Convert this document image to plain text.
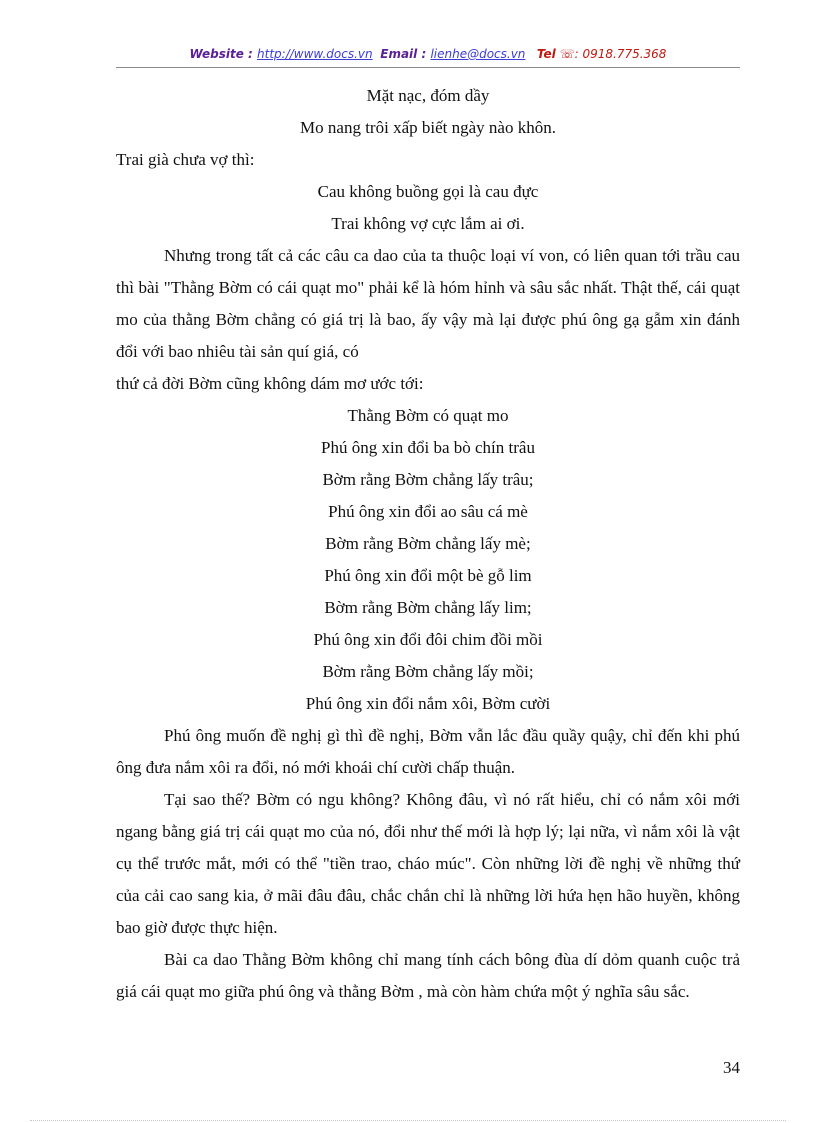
Website : http://www.docs.vn Email : lienhe@docs.vn Tel ☏: 0918.775.368
Mặt nạc, đóm dầy
Mo nang trôi xấp biết ngày nào khôn.
Trai già chưa vợ thì:
Cau không buồng gọi là cau đực
Trai không vợ cực lắm ai ơi.
Nhưng trong tất cả các câu ca dao của ta thuộc loại ví von, có liên quan tới trầu cau thì bài "Thằng Bờm có cái quạt mo" phải kể là hóm hỉnh và sâu sắc nhất. Thật thế, cái quạt mo của thằng Bờm chẳng có giá trị là bao, ấy vậy mà lại được phú ông gạ gẫm xin đánh đổi với bao nhiêu tài sản quí giá, có
thứ cả đời Bờm cũng không dám mơ ước tới:
Thằng Bờm có quạt mo
Phú ông xin đổi ba bò chín trâu
Bờm rằng Bờm chẳng lấy trâu;
Phú ông xin đổi ao sâu cá mè
Bờm rằng Bờm chẳng lấy mè;
Phú ông xin đổi một bè gỗ lim
Bờm rằng Bờm chẳng lấy lim;
Phú ông xin đổi đôi chim đồi mồi
Bờm rằng Bờm chẳng lấy mồi;
Phú ông xin đổi nắm xôi, Bờm cười
Phú ông muốn đề nghị gì thì đề nghị, Bờm vẫn lắc đầu quầy quậy, chỉ đến khi phú ông đưa nắm xôi ra đổi, nó mới khoái chí cười chấp thuận.
Tại sao thế? Bờm có ngu không? Không đâu, vì nó rất hiểu, chỉ có nắm xôi mới ngang bằng giá trị cái quạt mo của nó, đổi như thế mới là hợp lý; lại nữa, vì nắm xôi là vật cụ thể trước mắt, mới có thể "tiền trao, cháo múc". Còn những lời đề nghị về những thứ của cải cao sang kia, ở mãi đâu đâu, chắc chắn chỉ là những lời hứa hẹn hão huyền, không bao giờ được thực hiện.
Bài ca dao Thằng Bờm không chỉ mang tính cách bông đùa dí dỏm quanh cuộc trả giá cái quạt mo giữa phú ông và thằng Bờm , mà còn hàm chứa một ý nghĩa sâu sắc.
34
